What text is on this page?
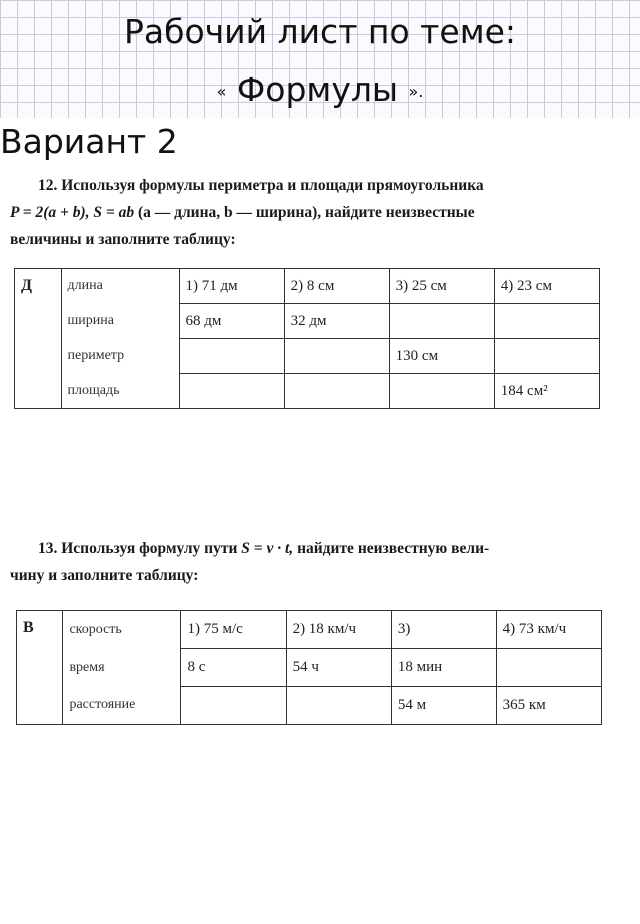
Рабочий лист по теме:
« Формулы ».
Вариант 2
12. Используя формулы периметра и площади прямоугольника
P = 2(a + b), S = ab (a — длина, b — ширина), найдите неизвестные
величины и заполните таблицу:
Д	длина	1) 71 дм	2) 8 см	3) 25 см	4) 23 см
	ширина	68 дм	32 дм		
	периметр			130 см	
	площадь				184 см²
13. Используя формулу пути S = v · t, найдите неизвестную вели-
чину и заполните таблицу:
В	скорость	1) 75 м/с	2) 18 км/ч	3)	4) 73 км/ч
	время	8 с	54 ч	18 мин	
	расстояние			54 м	365 км
